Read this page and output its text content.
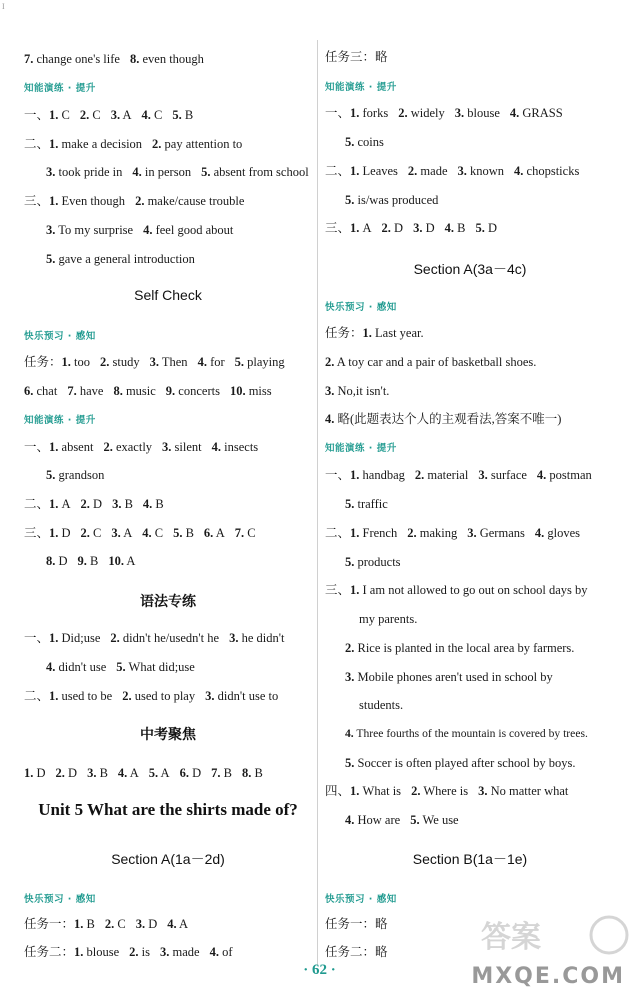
I
7. change one's life 8. even though
知能演练 · 提升
一、1. C 2. C 3. A 4. C 5. B
二、1. make a decision 2. pay attention to
3. took pride in 4. in person 5. absent from school
三、1. Even though 2. make/cause trouble
3. To my surprise 4. feel good about
5. gave a general introduction
Self Check
快乐预习 · 感知
任务：1. too 2. study 3. Then 4. for 5. playing
6. chat 7. have 8. music 9. concerts 10. miss
知能演练 · 提升
一、1. absent 2. exactly 3. silent 4. insects
5. grandson
二、1. A 2. D 3. B 4. B
三、1. D 2. C 3. A 4. C 5. B 6. A 7. C
8. D 9. B 10. A
语法专练
一、1. Did;use 2. didn't he/usedn't he 3. he didn't
4. didn't use 5. What did;use
二、1. used to be 2. used to play 3. didn't use to
中考聚焦
1. D 2. D 3. B 4. A 5. A 6. D 7. B 8. B
Unit 5 What are the shirts made of?
Section A(1a－2d)
快乐预习 · 感知
任务一：1. B 2. C 3. D 4. A
任务二：1. blouse 2. is 3. made 4. of
任务三：略
知能演练 · 提升
一、1. forks 2. widely 3. blouse 4. GRASS
5. coins
二、1. Leaves 2. made 3. known 4. chopsticks
5. is/was produced
三、1. A 2. D 3. D 4. B 5. D
Section A(3a－4c)
快乐预习 · 感知
任务：1. Last year.
2. A toy car and a pair of basketball shoes.
3. No,it isn't.
4. 略(此题表达个人的主观看法,答案不唯一)
知能演练 · 提升
一、1. handbag 2. material 3. surface 4. postman
5. traffic
二、1. French 2. making 3. Germans 4. gloves
5. products
三、1. I am not allowed to go out on school days by
my parents.
2. Rice is planted in the local area by farmers.
3. Mobile phones aren't used in school by
students.
4. Three fourths of the mountain is covered by trees.
5. Soccer is often played after school by boys.
四、1. What is 2. Where is 3. No matter what
4. How are 5. We use
Section B(1a－1e)
快乐预习 · 感知
任务一：略
任务二：略
· 62 ·
答案
MXQE.COM
